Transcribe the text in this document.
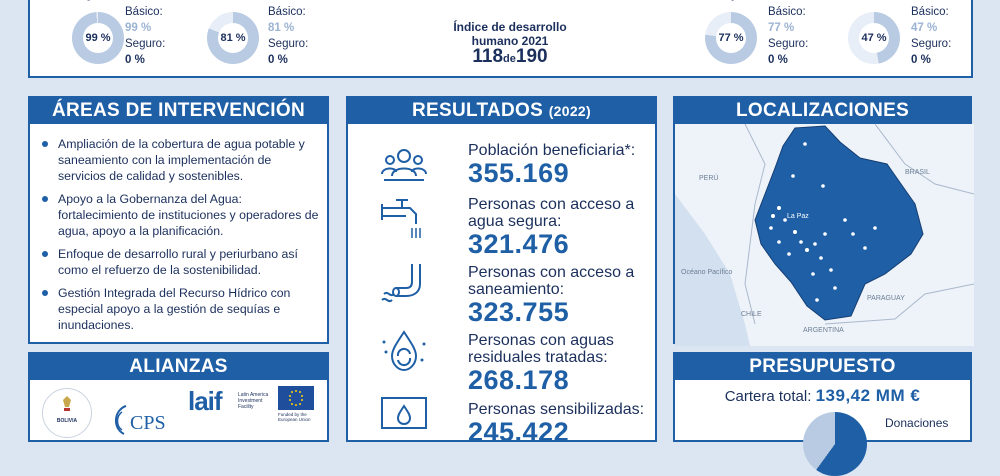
99 %
Básico:
99 %
Seguro:
0 %
81 %
Básico:
81 %
Seguro:
0 %
Índice de desarrollo
humano 2021
118de190
77 %
Básico:
77 %
Seguro:
0 %
47 %
Básico:
47 %
Seguro:
0 %
ÁREAS DE INTERVENCIÓN
Ampliación de la cobertura de agua potable y saneamiento con la implementación de servicios de calidad y sostenibles.
Apoyo a la Gobernanza del Agua: fortalecimiento de instituciones y operadores de agua, apoyo a la planificación.
Enfoque de desarrollo rural y periurbano así como el refuerzo de la sostenibilidad.
Gestión Integrada del Recurso Hídrico con especial apoyo a la gestión de sequías e inundaciones.
ALIANZAS
BOLIVIA	CPS
laif	Latin America Investment Facility
Funded by the European Union
RESULTADOS (2022)
Población beneficiaria*:
355.169
Personas con acceso a agua segura:
321.476
Personas con acceso a saneamiento:
323.755
Personas con aguas residuales tratadas:
268.178
Personas sensibilizadas:
245.422
LOCALIZACIONES
PERÚ
BRASIL
CHILE
PARAGUAY
ARGENTINA
Océano Pacífico
La Paz
PRESUPUESTO
Cartera total: 139,42 MM €
Donaciones
